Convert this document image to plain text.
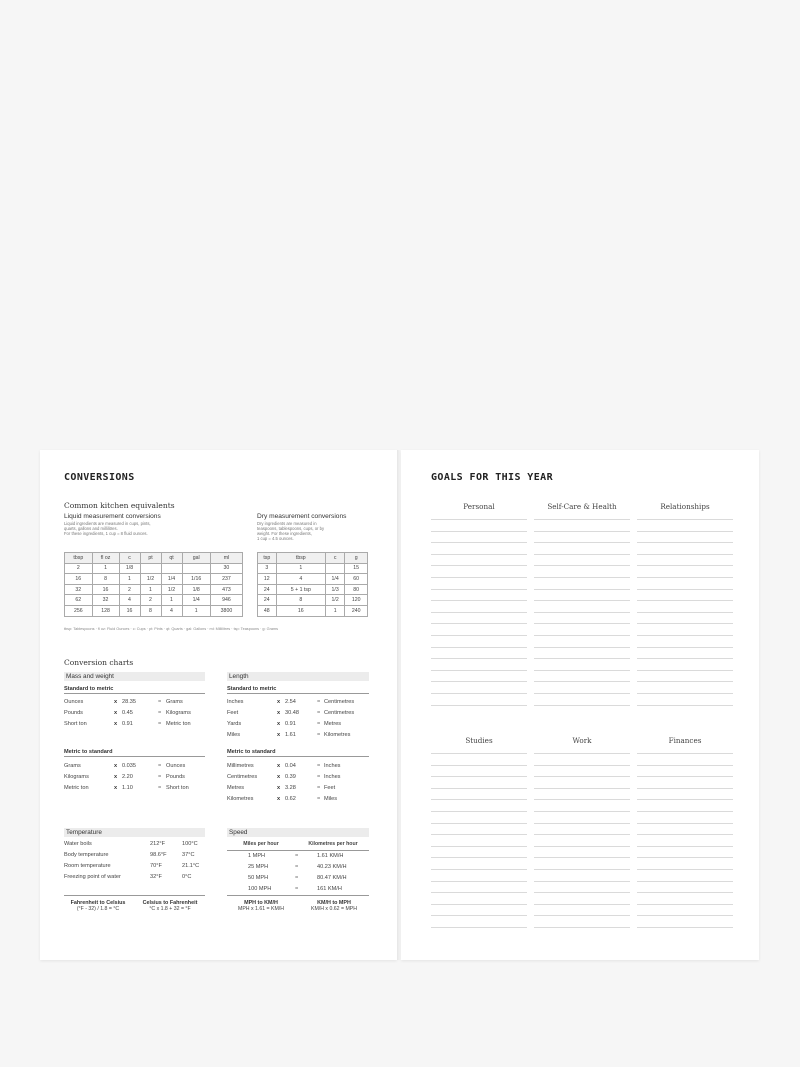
CONVERSIONS
Common kitchen equivalents
Liquid measurement conversions
Liquid ingredients are measured in cups, pints,
quarts, gallons and millilitres.
For these ingredients, 1 cup = 8 fluid ounces.
tbsp	fl oz	c	pt	qt	gal	ml
2	1	1/8				30
16	8	1	1/2	1/4	1/16	237
32	16	2	1	1/2	1/8	473
62	32	4	2	1	1/4	946
256	128	16	8	4	1	3800
Dry measurement conversions
Dry ingredients are measured in
teaspoons, tablespoons, cups, or by
weight. For these ingredients,
1 cup = 4.5 ounces.
tsp	tbsp	c	g
3	1		15
12	4	1/4	60
24	5 + 1 tsp	1/3	80
24	8	1/2	120
48	16	1	240
tbsp: Tablespoons · fl oz: Fluid Ounces · c: Cups · pt: Pints · qt: Quarts · gal: Gallons · ml: Millilitres · tsp: Teaspoons · g: Grams
Conversion charts
Mass and weight
Standard to metric
Ounces	x 28.35	= Grams
Pounds	x 0.45	= Kilograms
Short ton	x 0.91	= Metric ton
Metric to standard
Grams	x 0.035	= Ounces
Kilograms	x 2.20	= Pounds
Metric ton	x 1.10	= Short ton
Length
Standard to metric
Inches	x 2.54	= Centimetres
Feet	x 30.48	= Centimetres
Yards	x 0.91	= Metres
Miles	x 1.61	= Kilometres
Metric to standard
Millimetres	x 0.04	= Inches
Centimetres	x 0.39	= Inches
Metres	x 3.28	= Feet
Kilometres	x 0.62	= Miles
Temperature
Water boils	212°F	100°C
Body temperature	98.6°F	37°C
Room temperature	70°F	21.1°C
Freezing point of water	32°F	0°C
Fahrenheit to Celsius
(°F - 32) / 1.8 = °C
Celsius to Fahrenheit
°C x 1.8 + 32 = °F
Speed
Miles per hour	Kilometres per hour
1 MPH	=	1.61 KM/H
25 MPH	=	40.23 KM/H
50 MPH	=	80.47 KM/H
100 MPH	=	161 KM/H
MPH to KM/H
MPH x 1.61 = KM/H
KM/H to MPH
KM/H x 0.62 = MPH
GOALS FOR THIS YEAR
Personal	Self-Care & Health	Relationships
Studies	Work	Finances
